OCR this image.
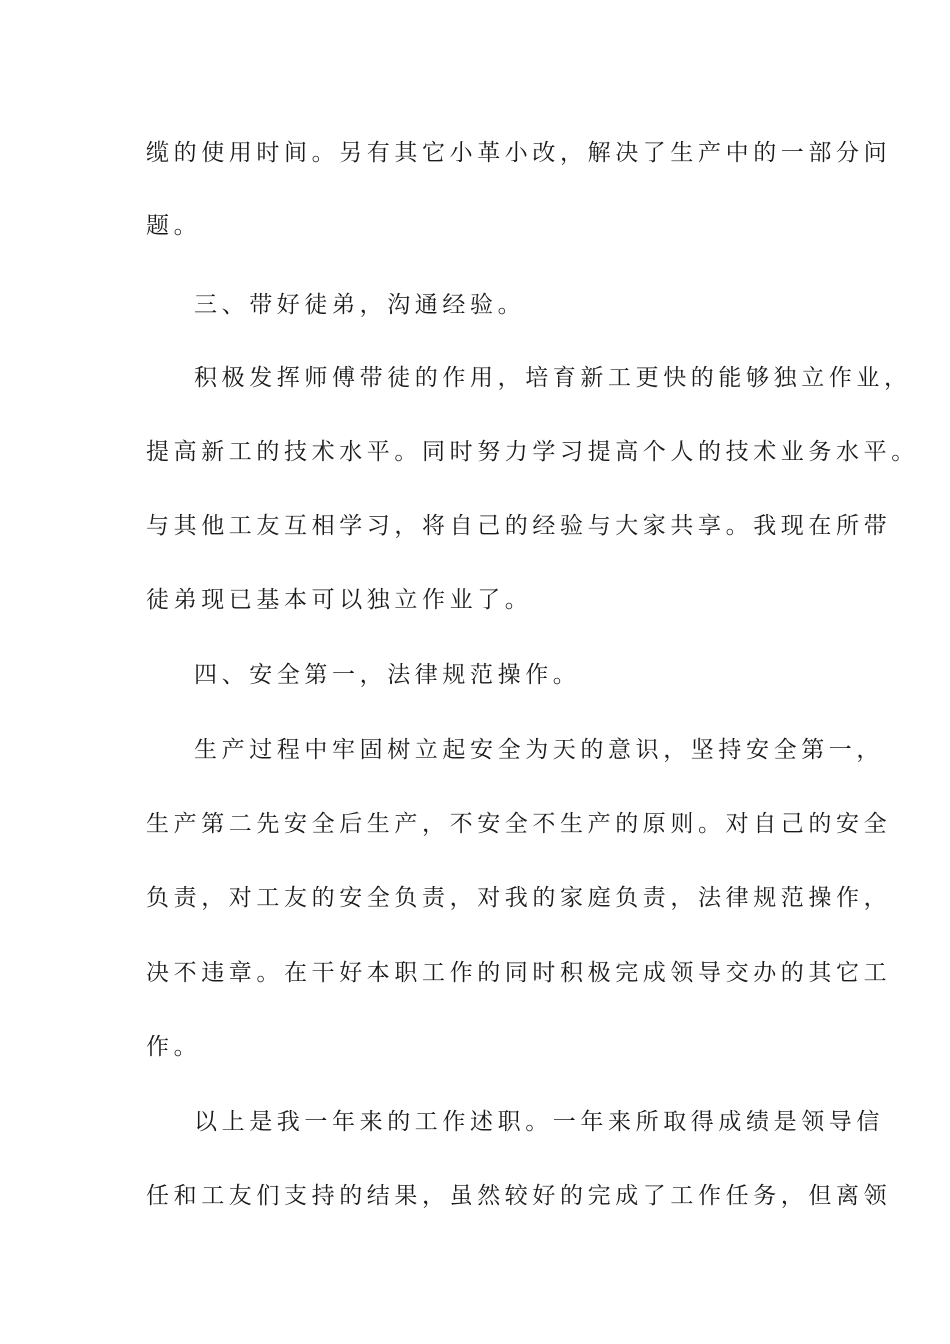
缆的使用时间。另有其它小革小改，解决了生产中的一部分问
题。
三、带好徒弟，沟通经验。
积极发挥师傅带徒的作用，培育新工更快的能够独立作业，
提高新工的技术水平。同时努力学习提高个人的技术业务水平。
与其他工友互相学习，将自己的经验与大家共享。我现在所带
徒弟现已基本可以独立作业了。
四、安全第一，法律规范操作。
生产过程中牢固树立起安全为天的意识，坚持安全第一，
生产第二先安全后生产，不安全不生产的原则。对自己的安全
负责，对工友的安全负责，对我的家庭负责，法律规范操作，
决不违章。在干好本职工作的同时积极完成领导交办的其它工
作。
以上是我一年来的工作述职。一年来所取得成绩是领导信
任和工友们支持的结果，虽然较好的完成了工作任务，但离领
